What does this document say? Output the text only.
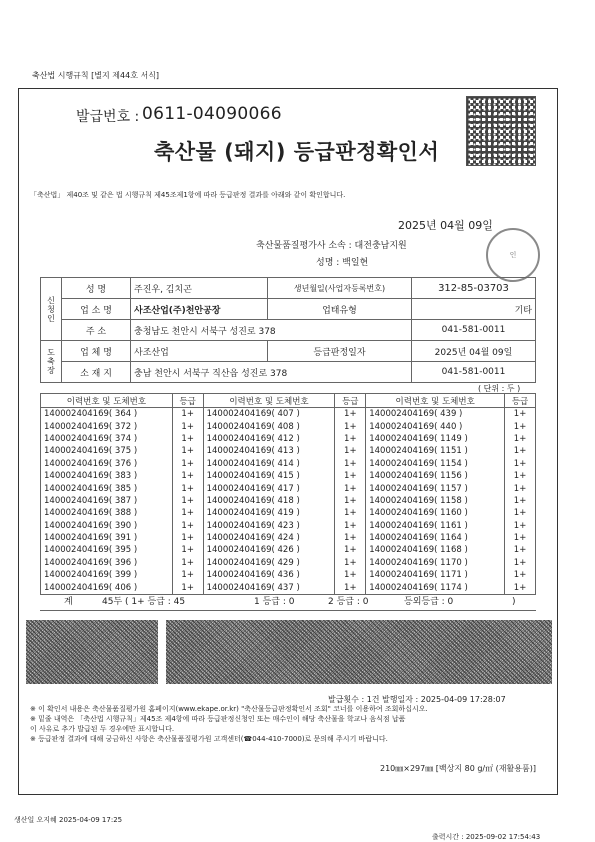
축산법 시행규칙 [별지 제44호 서식]
발급번호 : 0611-04090066
축산물 (돼지) 등급판정확인서
「축산법」 제40조 및 같은 법 시행규칙 제45조제1항에 따라 등급판정 결과를 아래와 같이 확인합니다.
2025년 04월 09일
축산물품질평가사 소속 : 대전충남지원
성명 : 백일현
인
신청인	성 명	주진우, 김치곤	생년월일(사업자등록번호)	312-85-03703
	업 소 명	사조산업(주)천안공장	업태유형	기타
	주 소	충청남도 천안시 서북구 성진로 378		041-581-0011
도축장	업 체 명	사조산업	등급판정일자	2025년 04월 09일
	소 재 지	충남 천안시 서북구 직산읍 성진로 378		041-581-0011
( 단위 : 두 )
이력번호 및 도체번호	등급	이력번호 및 도체번호	등급	이력번호 및 도체번호	등급
140002404169( 364 )	1+	140002404169( 407 )	1+	140002404169( 439 )	1+
140002404169( 372 )	1+	140002404169( 408 )	1+	140002404169( 440 )	1+
140002404169( 374 )	1+	140002404169( 412 )	1+	140002404169( 1149 )	1+
140002404169( 375 )	1+	140002404169( 413 )	1+	140002404169( 1151 )	1+
140002404169( 376 )	1+	140002404169( 414 )	1+	140002404169( 1154 )	1+
140002404169( 383 )	1+	140002404169( 415 )	1+	140002404169( 1156 )	1+
140002404169( 385 )	1+	140002404169( 417 )	1+	140002404169( 1157 )	1+
140002404169( 387 )	1+	140002404169( 418 )	1+	140002404169( 1158 )	1+
140002404169( 388 )	1+	140002404169( 419 )	1+	140002404169( 1160 )	1+
140002404169( 390 )	1+	140002404169( 423 )	1+	140002404169( 1161 )	1+
140002404169( 391 )	1+	140002404169( 424 )	1+	140002404169( 1164 )	1+
140002404169( 395 )	1+	140002404169( 426 )	1+	140002404169( 1168 )	1+
140002404169( 396 )	1+	140002404169( 429 )	1+	140002404169( 1170 )	1+
140002404169( 399 )	1+	140002404169( 436 )	1+	140002404169( 1171 )	1+
140002404169( 406 )	1+	140002404169( 437 )	1+	140002404169( 1174 )	1+
계	45두 ( 1+ 등급 : 45	1 등급 : 0	2 등급 : 0	등외등급 : 0	)
발급횟수 : 1건 발행일자 : 2025-04-09 17:28:07
※ 이 확인서 내용은 축산물품질평가원 홈페이지(www.ekape.or.kr) "축산물등급판정확인서 조회" 코너를 이용하여 조회하십시오.
※ 밑줄 내역은 「축산법 시행규칙」제45조 제4항에 따라 등급판정신청인 또는 매수인이 해당 축산물을 학교나 음식점 납품
이 사유로 추가 발급된 두 경우에만 표시합니다.
※ 등급판정 결과에 대해 궁금하신 사항은 축산물품질평가원 고객센터(☎044-410-7000)로 문의해 주시기 바랍니다.
210㎜×297㎜ [백상지 80 g/㎡ (재활용품)]
생산일 오지혜 2025-04-09 17:25
출력시간 : 2025-09-02 17:54:43
